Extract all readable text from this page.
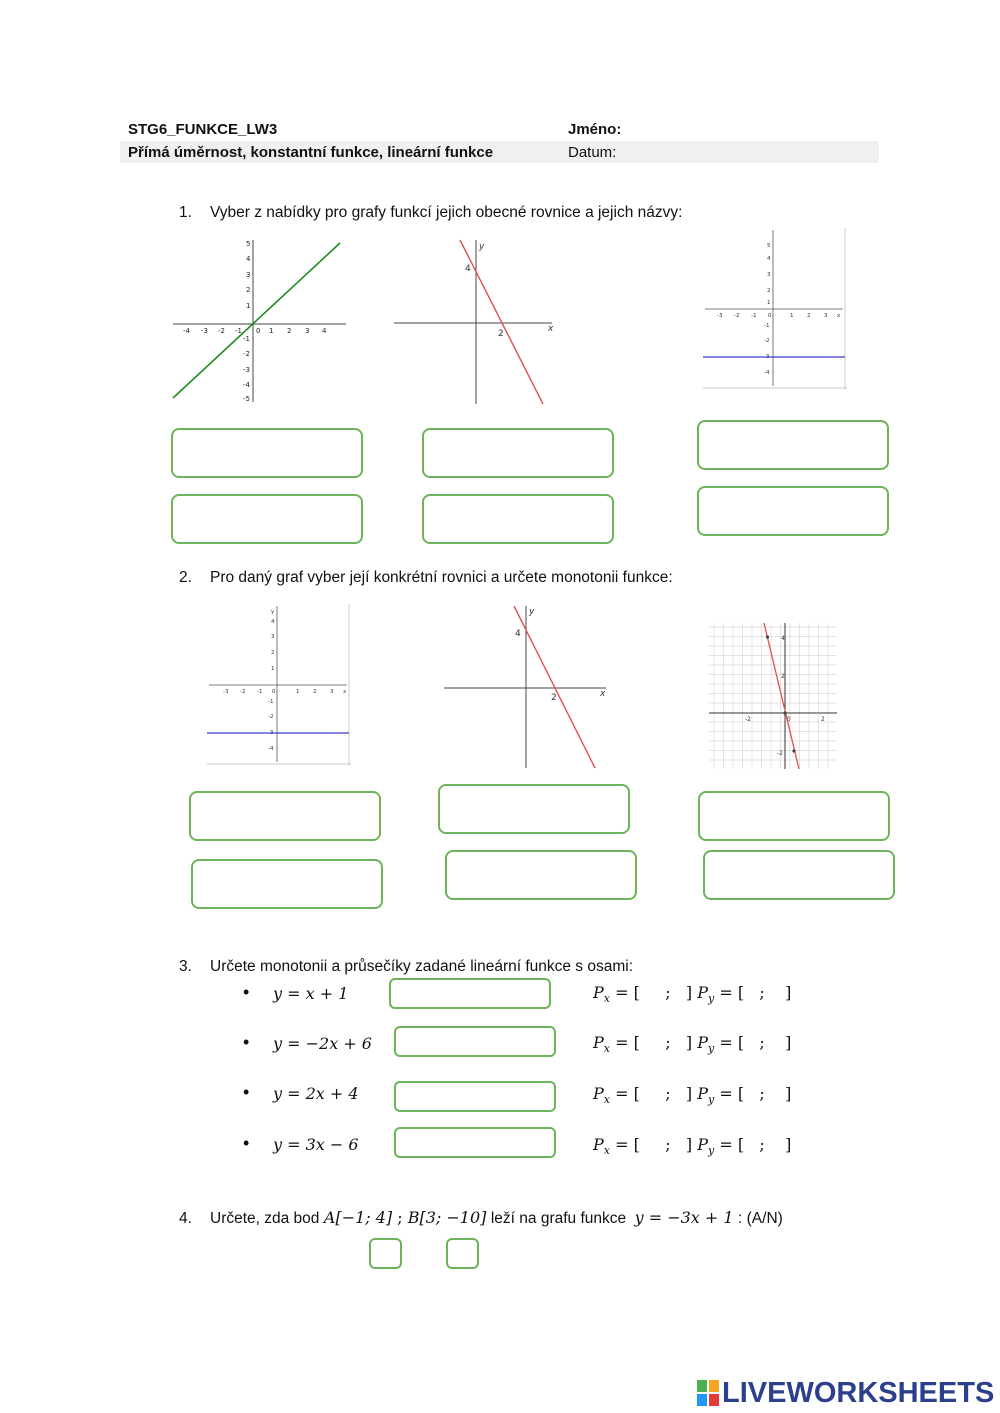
STG6_FUNKCE_LW3	Jméno:
Přímá úměrnost, konstantní funkce, lineární funkce	Datum:
1. Vyber z nabídky pro grafy funkcí jejich obecné rovnice a jejich názvy:
-4 -3 -2 -1 0 1 2 3 4
5
4
3
2
1
-1
-2
-3
-4
-5
x
y
4
2
-3 -2 -1 0	1 2 3 x
5
4
3
2
1
-1
-2
-3
-4
2. Pro daný graf vyber její konkrétní rovnici a určete monotonii funkce:
-3 -2 -1 0	1 2 3 x
y
4
3
2
1
-1
-2
-3
-4
x
y
4
2
-2	0	2
4
2
-2
3. Určete monotonii a průsečíky zadané lineární funkce s osami:
• y = x + 1	$P_x$ = [ ; ] $P_y$ = [ ; ]
• y = −2x + 6	$P_x$ = [ ; ] $P_y$ = [ ; ]
• y = 2x + 4	$P_x$ = [ ; ] $P_y$ = [ ; ]
• y = 3x − 6	$P_x$ = [ ; ] $P_y$ = [ ; ]
4. Určete, zda bod A[−1; 4] ; B[3; −10] leží na grafu funkce y = −3x + 1 : (A/N)
LIVEWORKSHEETS
